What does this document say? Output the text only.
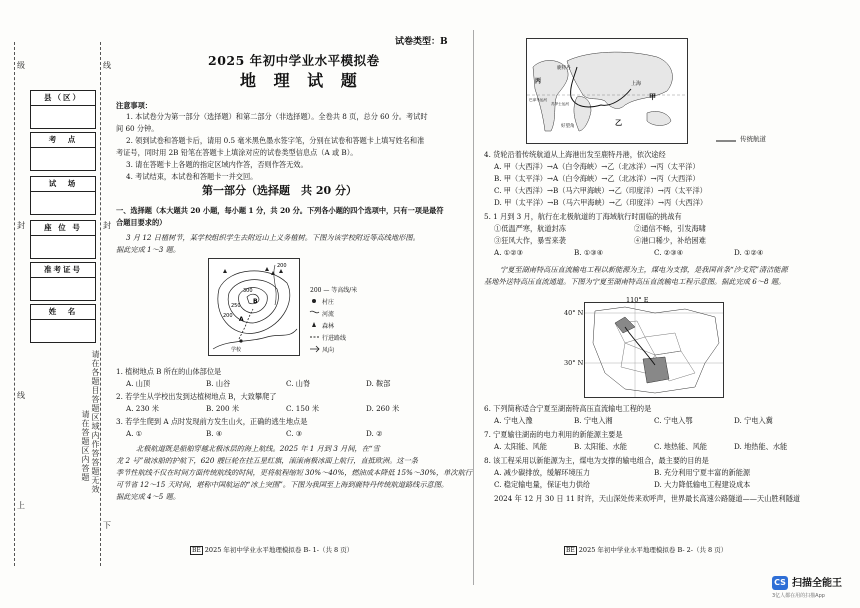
级
线
封
上
线
封
下
请在各题目答题区域内作答答题无效
请在答题区内答题
县（区）
考　点
试　场
座 位 号
准考证号
姓　名
试卷类型：B
2025 年初中学业水平模拟卷
地 理 试 题
注意事项：
1. 本试卷分为第一部分（选择题）和第二部分（非选择题）。全卷共 8 页，总分 60 分。考试时
间 60 分钟。
2. 领到试卷和答题卡后，请用 0.5 毫米黑色墨水签字笔，分别在试卷和答题卡上填写姓名和准
考证号，同时用 2B 铅笔在答题卡上填涂对应的试卷类型信息点（A 或 B）。
3. 请在答题卡上各题的指定区域内作答，否则作答无效。
4. 考试结束，本试卷和答题卡一并交回。
第一部分（选择题　共 20 分）
一、选择题（本大题共 20 小题，每小题 1 分，共 20 分。下列各小题的四个选项中，只有一项是最符
合题目要求的）
3 月 12 日植树节，某学校组织学生去附近山上义务植树。下图为该学校附近等高线地形图。
据此完成 1～3 题。
200
250
300
A
B
学校
200
200 — 等高线/米
村庄
河流
森林
行进路线
风向
1. 植树地点 B 所在的山体部位是
A. 山顶	B. 山谷	C. 山脊	D. 鞍部
2. 若学生从学校出发到达植树地点 B，大致攀爬了
A. 230 米	B. 200 米	C. 150 米	D. 260 米
3. 若学生爬到 A 点时发现前方发生山火，正确的逃生地点是
A. ①	B. ④	C. ③	D. ②
北极航道既是船舶穿越北极冰层的海上航线。2025 年 1 月到 3 月间，在“雪
龙 2 号”破冰船的护航下，620 艘巨轮在挂五星红旗，滚滚南极冰面上航行，直抵欧洲。这一条
季节性航线不仅在时间方面传统航线的时间，更将航程缩短 30%～40%，燃油成本降低 15%～30%，单次航行
可节省 12～15 天时间，堪称中国航运的“冰上突围”。下图为我国至上海到鹿特丹传统航道路线示意图。
据此完成 4～5 题。
BE 2025 年初中学业水平地理模拟卷 B- 1-（共 8 页）
丙
鹿特丹
好望角
上海
甲
乙
巴拿马运河
苏伊士运河
传统航道
4. 货轮沿着传统航道从上海港出发至鹿特丹港，依次途经
A. 甲（大西洋）→A（白令海峡）→乙（北冰洋）→丙（太平洋）
B. 甲（太平洋）→A（白令海峡）→乙（北冰洋）→丙（大西洋）
C. 甲（大西洋）→B（马六甲海峡）→乙（印度洋）→丙（太平洋）
D. 甲（太平洋）→B（马六甲海峡）→乙（印度洋）→丙（大西洋）
5. 1 月到 3 月，航行在北极航道的丁海域航行时面临的挑战有
①低温严寒，航道封冻	②通信不畅，引发海啸
③狂风大作，暴雪来袭	④港口稀少，补给困难
A. ①②③	B. ①③④	C. ②③④	D. ①②④
宁夏至湖南特高压直流输电工程以新能源为主，煤电为支撑，是我国首条“沙戈荒”清洁能源
基地外送特高压直流通道。下图为宁夏至湖南特高压直流输电工程示意图。据此完成 6～8 题。
110° E
40° N
30° N
6. 下列简称适合宁夏至湖南特高压直流输电工程的是
A. 宁电入豫	B. 宁电入湘	C. 宁电入鄂	D. 宁电入冀
7. 宁夏输往湖南的电力利用的新能源主要是
A. 太阳能、风能	B. 太阳能、水能	C. 地热能、风能	D. 地热能、水能
8. 该工程采用以新能源为主，煤电为支撑的输电组合，最主要的目的是
A. 减少碳排放，缓解环境压力	B. 充分利用宁夏丰富的新能源
C. 稳定输电量，保证电力供给	D. 大力降低输电工程建设成本
2024 年 12 月 30 日 11 时许，天山深处传来欢呼声，世界最长高速公路隧道——天山胜利隧道
BE 2025 年初中学业水平地理模拟卷 B- 2-（共 8 页）
CS 扫描全能王
3亿人都在用的扫描App
